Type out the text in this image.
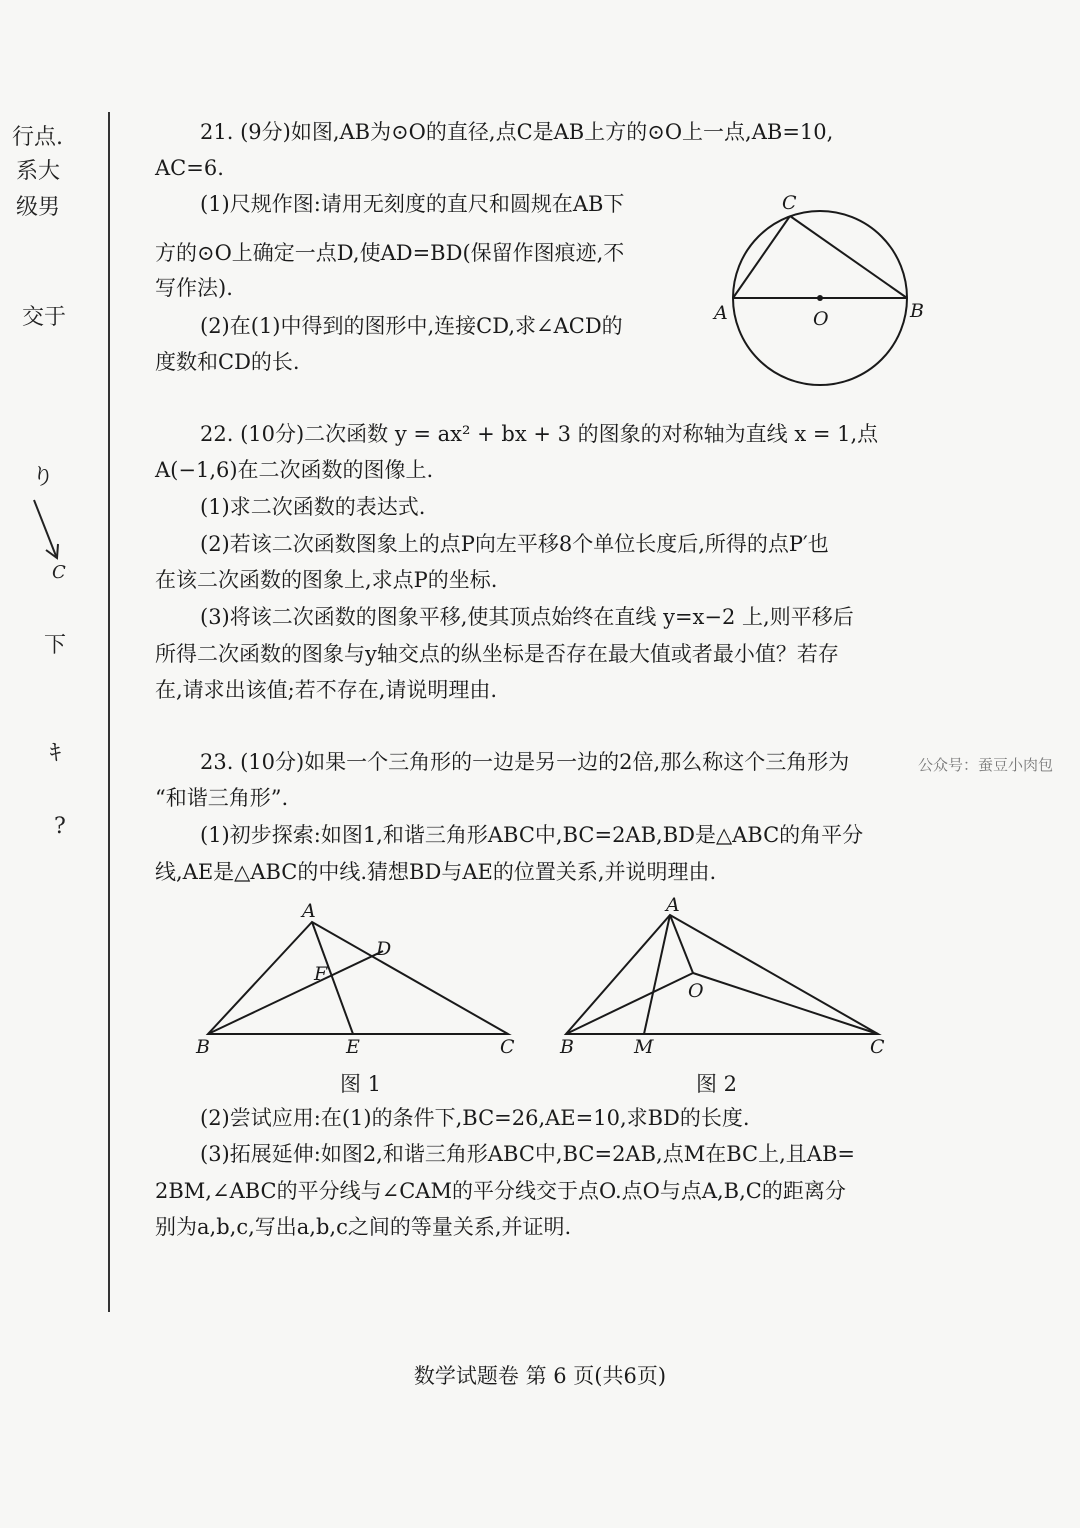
行点.
系大
级男
交于
り
C
下
ｷ
?
21. (9分)如图,AB为⊙O的直径,点C是AB上方的⊙O上一点,AB=10,
AC=6.
(1)尺规作图:请用无刻度的直尺和圆规在AB下
方的⊙O上确定一点D,使AD=BD(保留作图痕迹,不
写作法).
(2)在(1)中得到的图形中,连接CD,求∠ACD的
度数和CD的长.
C
A	B
O
22. (10分)二次函数 y = ax² + bx + 3 的图象的对称轴为直线 x = 1,点
A(−1,6)在二次函数的图像上.
(1)求二次函数的表达式.
(2)若该二次函数图象上的点P向左平移8个单位长度后,所得的点P′也
在该二次函数的图象上,求点P的坐标.
(3)将该二次函数的图象平移,使其顶点始终在直线 y=x−2 上,则平移后
所得二次函数的图象与y轴交点的纵坐标是否存在最大值或者最小值？若存
在,请求出该值;若不存在,请说明理由.
23. (10分)如果一个三角形的一边是另一边的2倍,那么称这个三角形为
“和谐三角形”.
(1)初步探索:如图1,和谐三角形ABC中,BC=2AB,BD是△ABC的角平分
线,AE是△ABC的中线.猜想BD与AE的位置关系,并说明理由.
A
B	C
D
E
F
图 1
A
B	C
M
O
图 2
(2)尝试应用:在(1)的条件下,BC=26,AE=10,求BD的长度.
(3)拓展延伸:如图2,和谐三角形ABC中,BC=2AB,点M在BC上,且AB=
2BM,∠ABC的平分线与∠CAM的平分线交于点O.点O与点A,B,C的距离分
别为a,b,c,写出a,b,c之间的等量关系,并证明.
公众号：蚕豆小肉包
数学试题卷 第 6 页(共6页)
